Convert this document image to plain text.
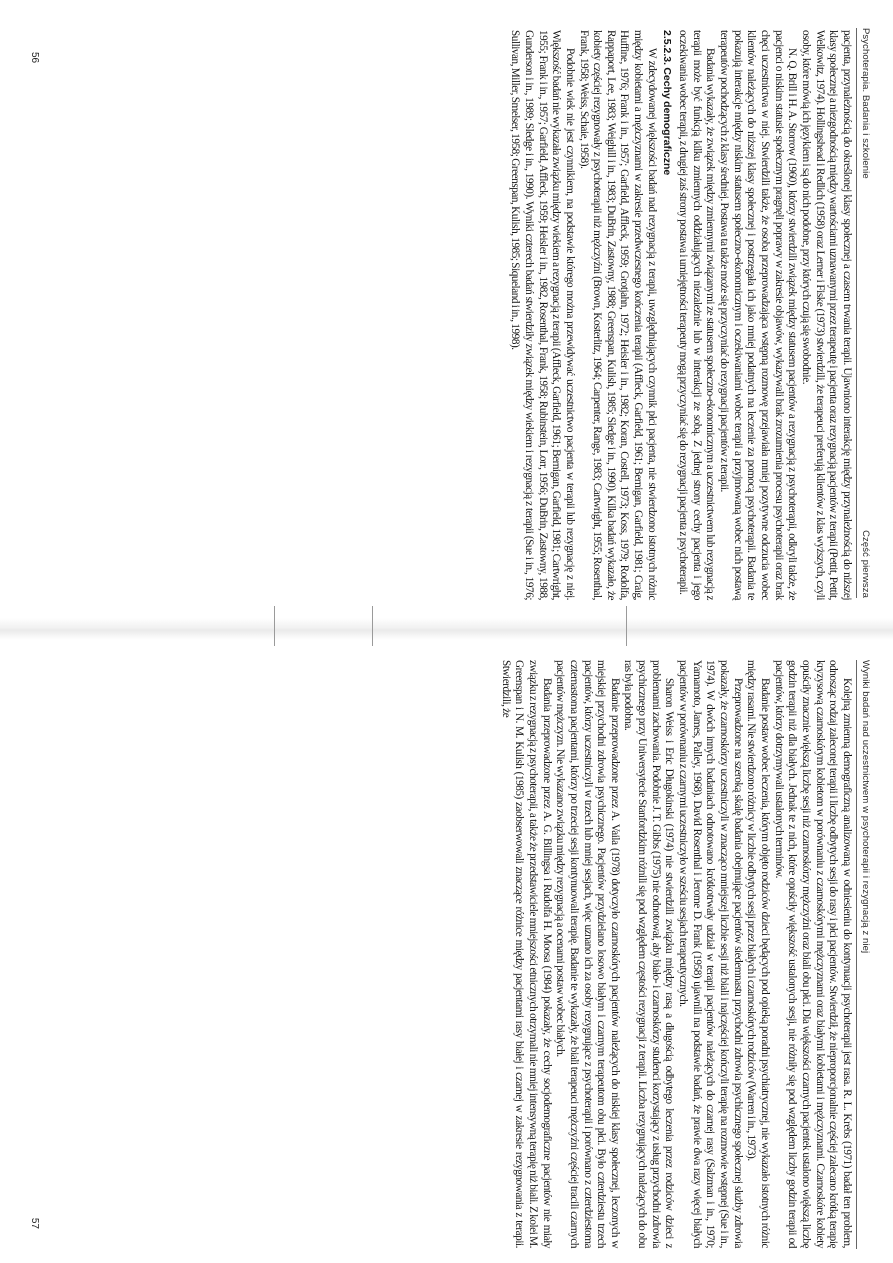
Psychoterapia. Badania i szkolenie
Część pierwsza

pacjenta, przynależnością do określonej klasy społecznej a czasem trwania terapii. Ujawniono interakcję między przynależnością do niższej klasy społecznej a niezgodnością między wartościami uznawanymi przez terapeutę i pacjenta oraz rezygnacją pacjentów z terapii (Pettit, Pettit, Welkowitz, 1974). Hollingshead i Redlich (1958) oraz Lerner i Fiske (1973) stwierdzili, że terapeuci preferują klientów z klas wyższych, czyli osoby, które mówią ich językiem i są do nich podobne, przy których czują się swobodnie.

N. Q. Brill i H. A. Storrow (1960), którzy stwierdzili związek między statusem pacjentów a rezygnacją z psychoterapii, odkryli także, że pacjenci o niskim statusie społecznym pragnęli poprawy w zakresie objawów, wykazywali brak zrozumienia procesu psychoterapii oraz brak chęci uczestnictwa w niej. Stwierdzili także, że osoba przeprowadzająca wstępną rozmowę przejawiała mniej pozytywne odczucia wobec klientów należących do niższej klasy społecznej i postrzegała ich jako mniej podatnych na leczenie za pomocą psychoterapii. Badania te pokazują interakcje między niskim statusem społeczno-ekonomicznym i oczekiwaniami wobec terapii a przyjmowaną wobec nich postawą terapeutów pochodzących z klasy średniej. Postawa ta także może się przyczyniać do rezygnacji pacjentów z terapii.

Badania wykazały, że związek między zmiennymi związanymi ze statusem społeczno-ekonomicznym a uczestnictwem lub rezygnacją z terapii może być funkcją kilku zmiennych oddziałujących niezależnie lub w interakcji ze sobą. Z jednej strony cechy pacjenta i jego oczekiwania wobec terapii, z drugiej zaś strony postawa i umiejętności terapeuty mogą przyczyniać się do rezygnacji pacjenta z psychoterapii.

2.5.2.3. Cechy demograficzne

W zdecydowanej większości badań nad rezygnacją z terapii, uwzględniających czynnik płci pacjenta, nie stwierdzono istotnych różnic między kobietami a mężczyznami w zakresie przedwczesnego kończenia terapii (Affleck, Garfield, 1961; Bernigan, Garfield, 1981; Craig, Huffine, 1976; Frank i in., 1957; Garfield, Affleck, 1959; Grotjahn, 1972; Heisler i in., 1982; Koran, Costell, 1973; Koss, 1979; Rodolfa, Rappaport, Lee, 1983; Weighill i in., 1983; DuBrin, Zastowny, 1988; Greenspan, Kulish, 1985; Sledge i in., 1990). Kilka badań wykazało, że kobiety częściej rezygnowały z psychoterapii niż mężczyźni (Brown, Kosterlitz, 1964; Carpenter, Range, 1983; Cartwright, 1955; Rosenthal, Frank, 1958; Weiss, Schaie, 1958).

Podobnie wiek nie jest czynnikiem, na podstawie którego można przewidywać uczestnictwo pacjenta w terapii lub rezygnację z niej. Większość badań nie wykazała związku między wiekiem a rezygnacją z terapii (Affleck, Garfield, 1961; Bernigan, Garfield, 1981; Cartwright, 1955; Frank i in., 1957; Garfield, Affleck, 1959; Heisler i in., 1982, Rosenthal, Frank, 1958; Rubinstein, Lorr, 1956; DuBrin, Zastowny, 1988, Gunderson i in., 1989; Sledge i in., 1990). Wyniki czterech badań stwierdziły związek między wiekiem i rezygnacją z terapii (Sue i in., 1976; Sullivan, Miller, Smelser, 1958; Greenspan, Kulish, 1985; Siqueland i in., 1998).

56
Wyniki badań nad uczestnictwem w psychoterapii i rezygnacją z niej

Kolejną zmienną demograficzną analizowaną w odniesieniu do kontynuacji psychoterapii jest rasa. R. L. Krebs (1971) badał ten problem, odnosząc rodzaj zaleconej terapii i liczbę odbytych sesji do rasy i płci pacjentów. Stwierdził, że nieproporcjonalnie częściej zalecano krótką terapię kryzysową czarnoskórym kobietom w porównaniu z czarnoskórymi mężczyznami oraz białymi kobietami i mężczyznami. Czarnoskóre kobiety opuściły znacznie większą liczbę sesji niż czarnoskórzy mężczyźni oraz biali obu płci. Dla większości czarnych pacjentek ustalono większą liczbę godzin terapii niż dla białych. Jednak te z nich, które opuściły większość ustalonych sesji, nie różniły się pod względem liczby godzin terapii od pacjentów, którzy dotrzymywali ustalonych terminów.

Badanie postaw wobec leczenia, którym objęto rodziców dzieci będących pod opieką poradni psychiatrycznej, nie wykazało istotnych różnic między rasami. Nie stwierdzono różnicy w liczbie odbytych sesji przez białych i czarnoskórych rodziców (Warren i in., 1973).

Przeprowadzone na szeroką skalę badania obejmujące pacjentów siedemnastu przychodni zdrowia psychicznego społecznej służby zdrowia pokazały, że czarnoskórzy uczestniczyli w znacząco mniejszej liczbie sesji niż biali i najczęściej kończyli terapię na rozmowie wstępnej (Sue i in., 1974). W dwóch innych badaniach odnotowano krótkotrwały udział w terapii pacjentów należących do czarnej rasy (Salzman i in., 1970; Yamamoto, James, Palley, 1968). David Rosenthal i Jerome D. Frank (1958) ujawnili na podstawie badań, że prawie dwa razy więcej białych pacjentów w porównaniu z czarnymi uczestniczyło w sześciu sesjach terapeutycznych.

Sharon Weiss i Eric Długokinski (1974) nie stwierdzili związku między rasą a długością odbytego leczenia przez rodziców dzieci z problemami zachowania. Podobnie J. T. Gibbs (1975) nie odnotował, aby biało- i czarnoskórzy studenci korzystający z usług przychodni zdrowia psychicznego przy Uniwersytecie Stanfordzkim różnili się pod względem częstości rezygnacji z terapii. Liczba rezygnujących należących do obu ras była podobna.

Badanie przeprowadzone przez A. Vaila (1978) dotyczyło czarnoskórych pacjentów należących do niskiej klasy społecznej, leczonych w miejskiej przychodni zdrowia psychicznego. Pacjentów przydzielano losowo białym i czarnym terapeutom obu płci. Było czterdziestu trzech pacjentów, którzy uczestniczyli w trzech lub mniej sesjach, więc uznano ich za osoby rezygnujące z psychoterapii i porównano z czterdziestoma czternastoma pacjentami, którzy po trzeciej sesji kontynuowali terapię. Badanie te wykazały, że biali terapeuci mężczyźni częściej tracili czarnych pacjentów mężczyzn. Nie wykazano związku między rezygnacją a ocenami postaw wobec białych.

Badania przeprowadzone przez A. G. Billingsa i Rudolfa H. Moosa (1984) pokazały, że cechy socjodemograficzne pacjentów nie miały związku z rezygnacją z psychoterapii, a także że przedstawiciele mniejszości etnicznych otrzymali nie mniej intensywną terapię niż biali. Z kolei M. Greenspan i N. M. Kulish (1985) zaobserwowali znaczące różnice między pacjentami rasy białej i czarnej w zakresie rezygnowania z terapii. Stwierdzili, że

57
